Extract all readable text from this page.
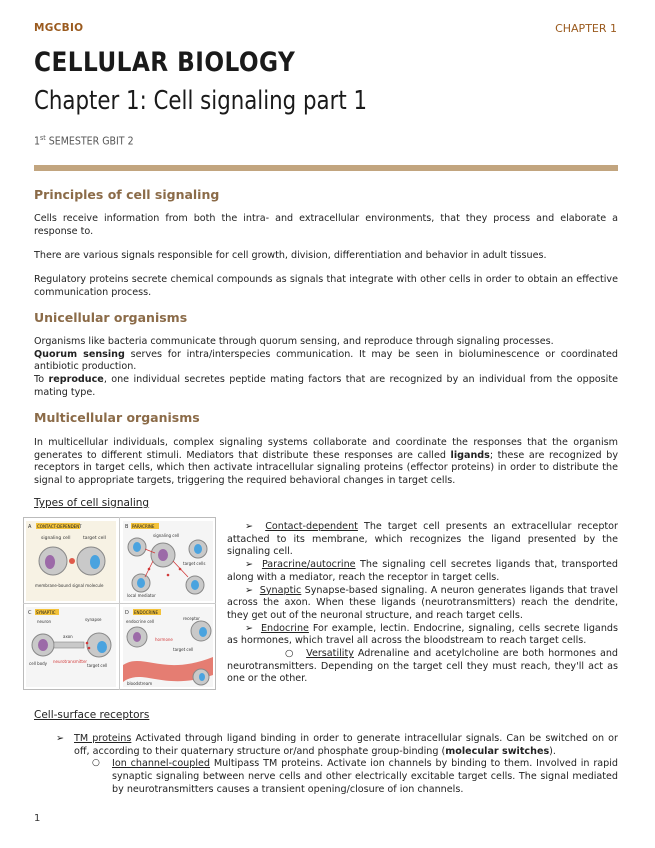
MGCBIO	CHAPTER 1
CELLULAR BIOLOGY
Chapter 1: Cell signaling part 1
1st SEMESTER GBIT 2
Principles of cell signaling

Cells receive information from both the intra- and extracellular environments, that they process and elaborate a response to.

There are various signals responsible for cell growth, division, differentiation and behavior in adult tissues.

Regulatory proteins secrete chemical compounds as signals that integrate with other cells in order to obtain an effective communication process.

Unicellular organisms
Organisms like bacteria communicate through quorum sensing, and reproduce through signaling processes.
Quorum sensing serves for intra/interspecies communication. It may be seen in bioluminescence or coordinated antibiotic production.
To reproduce, one individual secretes peptide mating factors that are recognized by an individual from the opposite mating type.
Multicellular organisms

In multicellular individuals, complex signaling systems collaborate and coordinate the responses that the organism generates to different stimuli. Mediators that distribute these responses are called ligands; these are recognized by receptors in target cells, which then activate intracellular signaling proteins (effector proteins) in order to distribute the signal to appropriate targets, triggering the required behavioral changes in target cells.

Types of cell signaling
A CONTACT-DEPENDENT
signaling cell	target cell
membrane-bound signal molecule
B PARACRINE
signaling cell
target cells
local mediator
C SYNAPTIC
neuron	synapse
axon
cell body neurotransmitter
target cell
D ENDOCRINE
endocrine cell
receptor
hormone
target cell
bloodstream

➢ Contact-dependent The target cell presents an extracellular receptor attached to its membrane, which recognizes the ligand presented by the signaling cell.

➢ Paracrine/autocrine The signaling cell secretes ligands that, transported along with a mediator, reach the receptor in target cells.

➢ Synaptic Synapse-based signaling. A neuron generates ligands that travel across the axon. When these ligands (neurotransmitters) reach the dendrite, they get out of the neuronal structure, and reach target cells.

➢ Endocrine For example, lectin. Endocrine, signaling, cells secrete ligands as hormones, which travel all across the bloodstream to reach target cells.

○ Versatility Adrenaline and acetylcholine are both hormones and neurotransmitters. Depending on the target cell they must reach, they'll act as one or the other.

Cell-surface receptors
➢ TM proteins Activated through ligand binding in order to generate intracellular signals. Can be switched on or off, according to their quaternary structure or/and phosphate group-binding (molecular switches).
○ Ion channel-coupled Multipass TM proteins. Activate ion channels by binding to them. Involved in rapid synaptic signaling between nerve cells and other electrically excitable target cells. The signal mediated by neurotransmitters causes a transient opening/closure of ion channels.
1
